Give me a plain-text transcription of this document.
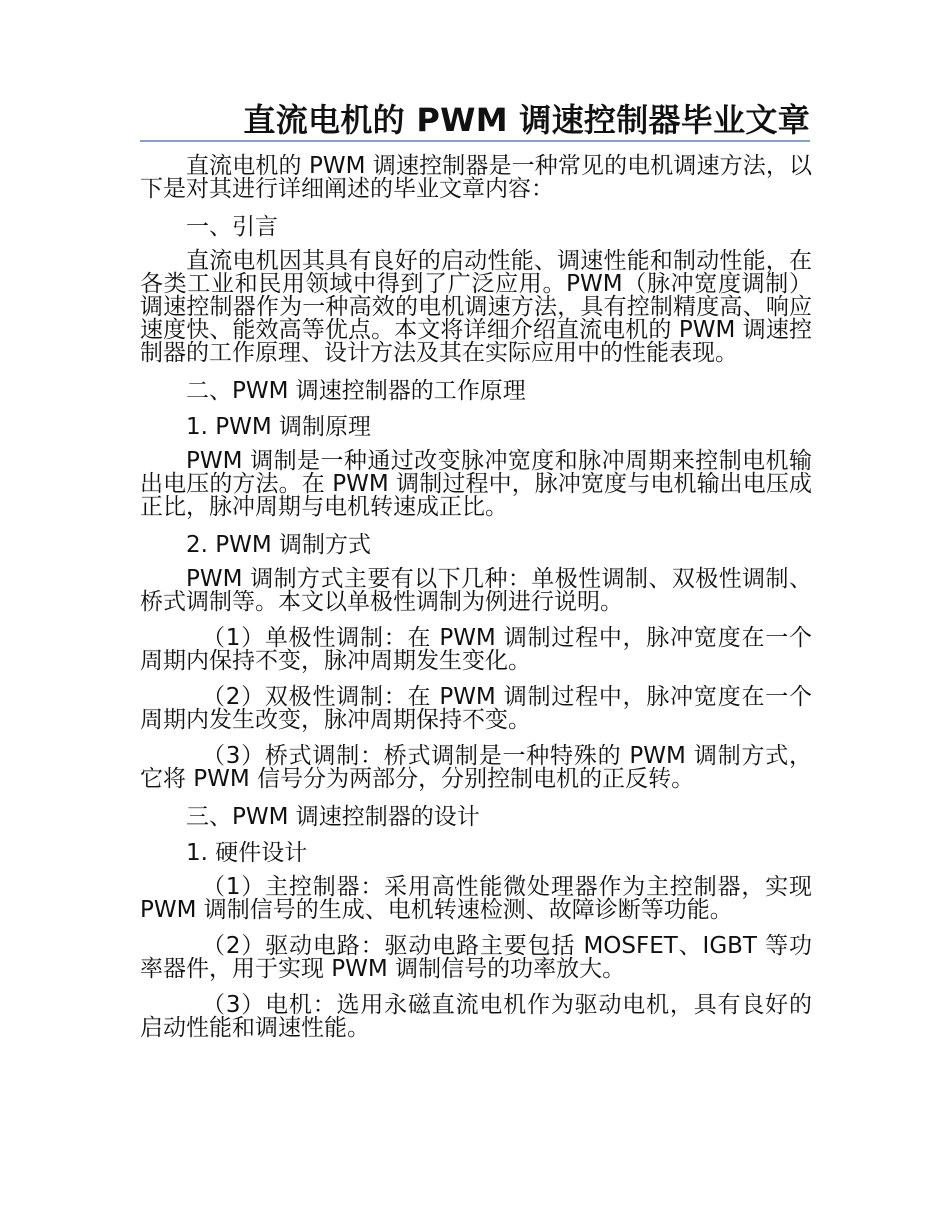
直流电机的 PWM 调速控制器毕业文章

直流电机的 PWM 调速控制器是一种常见的电机调速方法，以下是对其进行详细阐述的毕业文章内容：

一、引言

直流电机因其具有良好的启动性能、调速性能和制动性能，在各类工业和民用领域中得到了广泛应用。PWM（脉冲宽度调制）调速控制器作为一种高效的电机调速方法，具有控制精度高、响应速度快、能效高等优点。本文将详细介绍直流电机的 PWM 调速控制器的工作原理、设计方法及其在实际应用中的性能表现。

二、PWM 调速控制器的工作原理

1. PWM 调制原理

PWM 调制是一种通过改变脉冲宽度和脉冲周期来控制电机输出电压的方法。在 PWM 调制过程中，脉冲宽度与电机输出电压成正比，脉冲周期与电机转速成正比。

2. PWM 调制方式

PWM 调制方式主要有以下几种：单极性调制、双极性调制、桥式调制等。本文以单极性调制为例进行说明。

（1）单极性调制：在 PWM 调制过程中，脉冲宽度在一个周期内保持不变，脉冲周期发生变化。

（2）双极性调制：在 PWM 调制过程中，脉冲宽度在一个周期内发生改变，脉冲周期保持不变。

（3）桥式调制：桥式调制是一种特殊的 PWM 调制方式，它将 PWM 信号分为两部分，分别控制电机的正反转。

三、PWM 调速控制器的设计

1. 硬件设计

（1）主控制器：采用高性能微处理器作为主控制器，实现 PWM 调制信号的生成、电机转速检测、故障诊断等功能。

（2）驱动电路：驱动电路主要包括 MOSFET、IGBT 等功率器件，用于实现 PWM 调制信号的功率放大。

（3）电机：选用永磁直流电机作为驱动电机，具有良好的启动性能和调速性能。
